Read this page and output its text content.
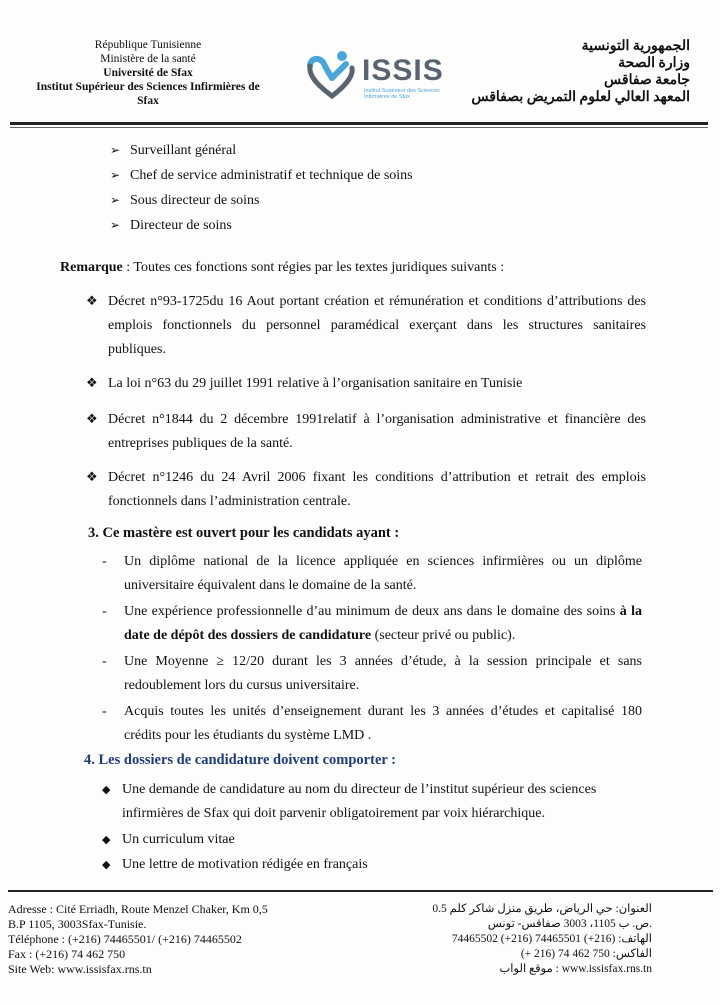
République Tunisienne
Ministère de la santé
Université de Sfax
Institut Supérieur des Sciences Infirmières de
Sfax
ISSIS
Institut Supérieur des Sciences Infirmières de Sfax
الجمهورية التونسية
وزارة الصحة
جامعة صفاقس
المعهد العالي لعلوم التمريض بصفاقس
➢ Surveillant général
➢ Chef de service administratif et technique de soins
➢ Sous directeur de soins
➢ Directeur de soins
Remarque : Toutes ces fonctions sont régies par les textes juridiques suivants :
❖ Décret n°93-1725du 16 Aout portant création et rémunération et conditions d’attributions des emplois fonctionnels du personnel paramédical exerçant dans les structures sanitaires publiques.
❖ La loi n°63 du 29 juillet 1991 relative à l’organisation sanitaire en Tunisie
❖ Décret n°1844 du 2 décembre 1991relatif à l’organisation administrative et financière des entreprises publiques de la santé.
❖ Décret n°1246 du 24 Avril 2006 fixant les conditions d’attribution et retrait des emplois fonctionnels dans l’administration centrale.
3. Ce mastère est ouvert pour les candidats ayant :
-	Un diplôme national de la licence appliquée en sciences infirmières ou un diplôme universitaire équivalent dans le domaine de la santé.
-	Une expérience professionnelle d’au minimum de deux ans dans le domaine des soins à la date de dépôt des dossiers de candidature (secteur privé ou public).
-	Une Moyenne ≥ 12/20 durant les 3 années d’étude, à la session principale et sans redoublement lors du cursus universitaire.
-	Acquis toutes les unités d’enseignement durant les 3 années d’études et capitalisé 180 crédits pour les étudiants du système LMD .
4. Les dossiers de candidature doivent comporter :
◆ Une demande de candidature au nom du directeur de l’institut supérieur des sciences infirmières de Sfax qui doit parvenir obligatoirement par voix hiérarchique.
◆ Un curriculum vitae
◆ Une lettre de motivation rédigée en français
Adresse : Cité Erriadh, Route Menzel Chaker, Km 0,5
B.P 1105, 3003Sfax-Tunisie.
Téléphone : (+216) 74465501/ (+216) 74465502
Fax : (+216) 74 462 750
Site Web: www.issisfax.rns.tn
العنوان: حي الرياض، طريق منزل شاكر كلم 0.5
ص. ب 1105، 3003 صفاقس- تونس.
الهاتف: (216+) 74465501 (216+) 74465502
الفاكس: 750 462 74 (216 +)
موقع الواب : www.issisfax.rns.tn
